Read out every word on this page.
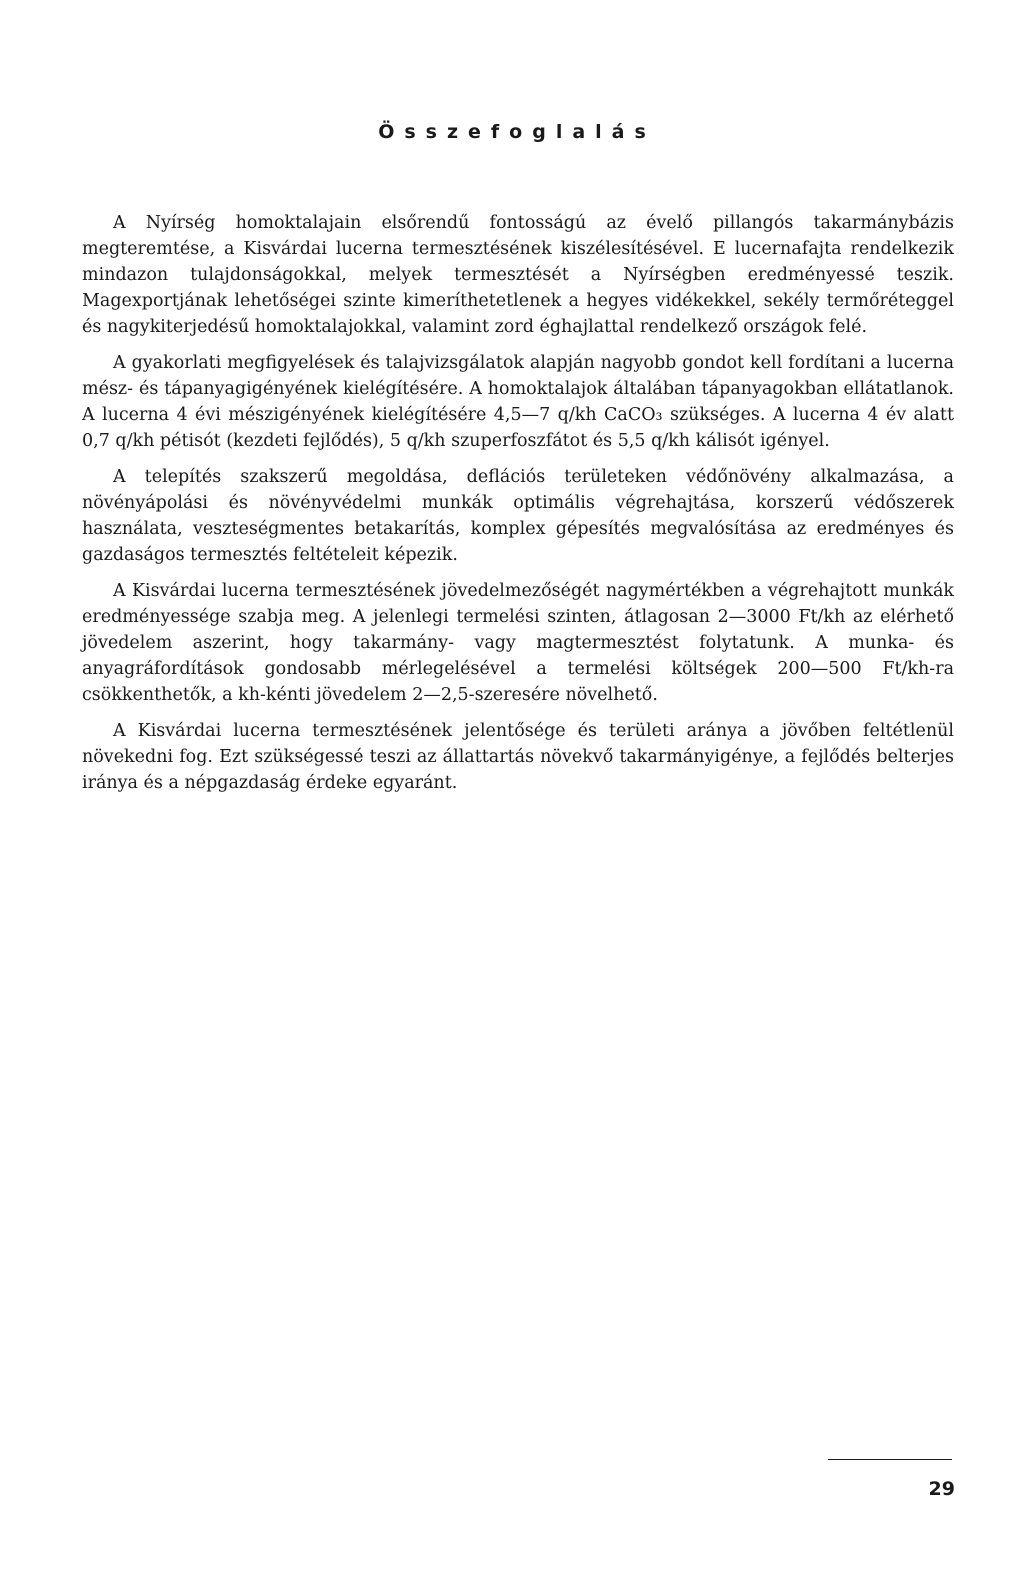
Összefoglalás

A Nyírség homoktalajain elsőrendű fontosságú az évelő pillangós takarmánybázis megteremtése, a Kisvárdai lucerna termesztésének kiszélesítésével. E lucernafajta rendelkezik mindazon tulajdonságokkal, melyek termesztését a Nyírségben eredményessé teszik. Magexportjának lehetőségei szinte kimeríthetetlenek a hegyes vidékekkel, sekély termőréteggel és nagykiterjedésű homoktalajokkal, valamint zord éghajlattal rendelkező országok felé.

A gyakorlati megfigyelések és talajvizsgálatok alapján nagyobb gondot kell fordítani a lucerna mész- és tápanyagigényének kielégítésére. A homoktalajok általában tápanyagokban ellátatlanok. A lucerna 4 évi mészigényének kielégítésére 4,5—7 q/kh CaCO₃ szükséges. A lucerna 4 év alatt 0,7 q/kh pétisót (kezdeti fejlődés), 5 q/kh szuperfoszfátot és 5,5 q/kh kálisót igényel.

A telepítés szakszerű megoldása, deflációs területeken védőnövény alkalmazása, a növényápolási és növényvédelmi munkák optimális végrehajtása, korszerű védőszerek használata, veszteségmentes betakarítás, komplex gépesítés megvalósítása az eredményes és gazdaságos termesztés feltételeit képezik.

A Kisvárdai lucerna termesztésének jövedelmezőségét nagymértékben a végrehajtott munkák eredményessége szabja meg. A jelenlegi termelési szinten, átlagosan 2—3000 Ft/kh az elérhető jövedelem aszerint, hogy takarmány- vagy magtermesztést folytatunk. A munka- és anyagráfordítások gondosabb mérlegelésével a termelési költségek 200—500 Ft/kh-ra csökkenthetők, a kh-kénti jövedelem 2—2,5-szeresére növelhető.

A Kisvárdai lucerna termesztésének jelentősége és területi aránya a jövőben feltétlenül növekedni fog. Ezt szükségessé teszi az állattartás növekvő takarmányigénye, a fejlődés belterjes iránya és a népgazdaság érdeke egyaránt.

29
